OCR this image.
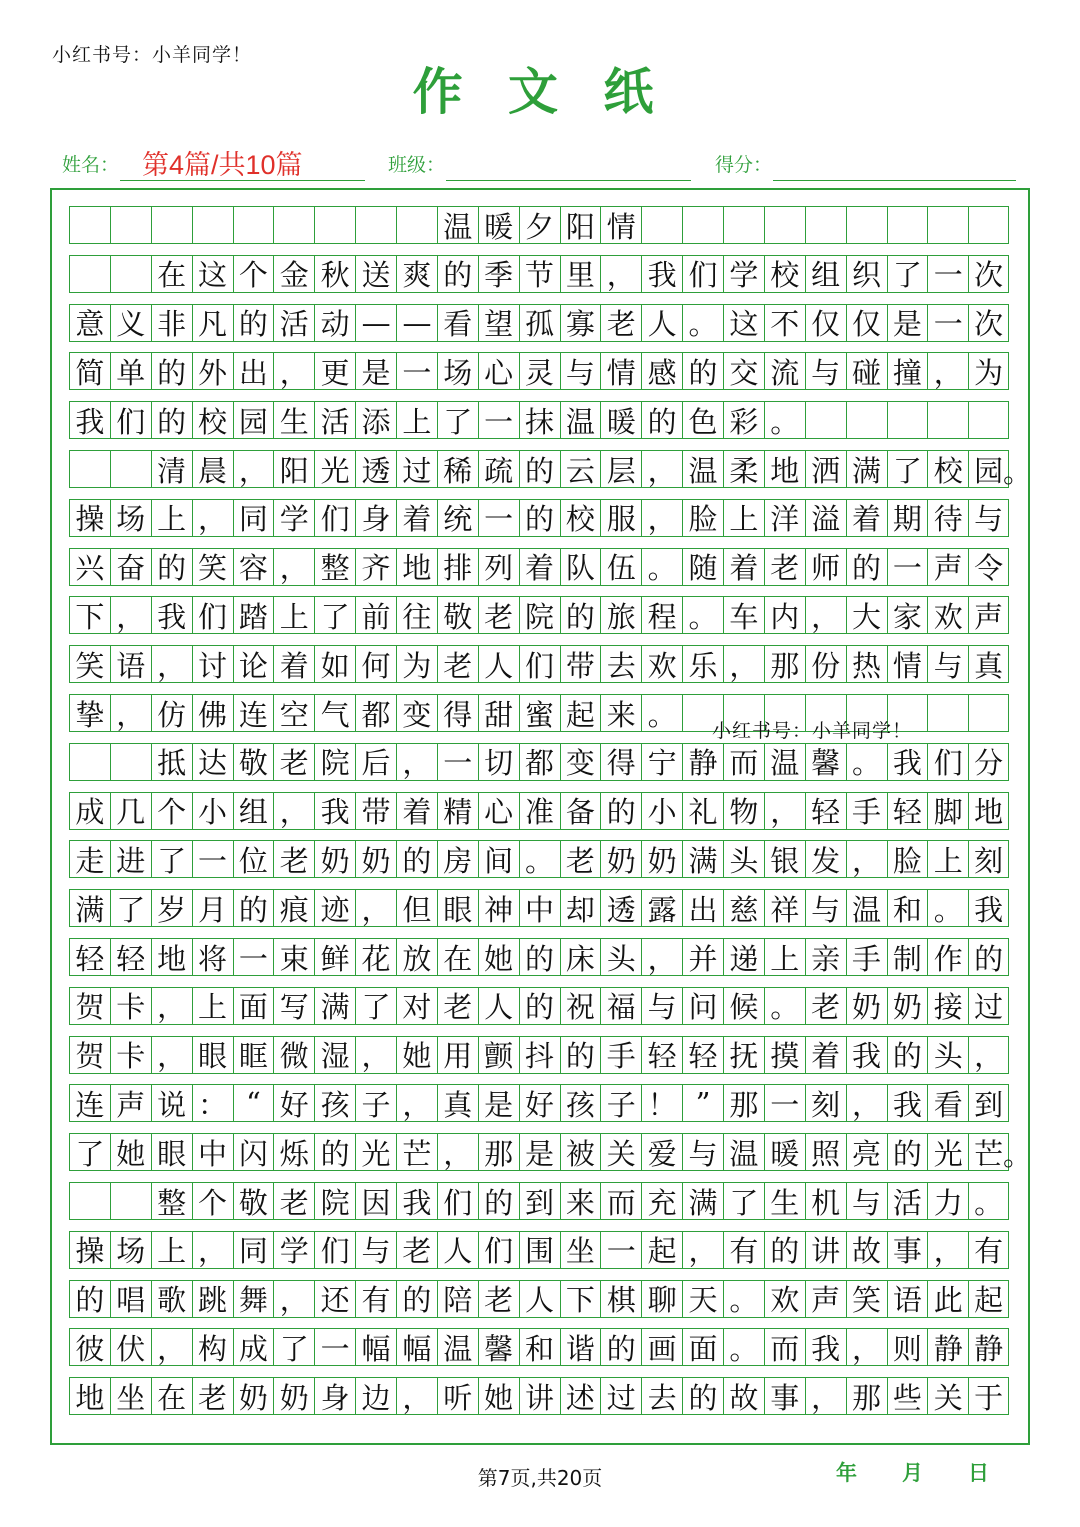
小红书号：小羊同学！
作 文 纸
姓名： 第4篇/共10篇	班级：	得分：
温 暖 夕 阳 情
在 这 个 金 秋 送 爽 的 季 节 里 ， 我 们 学 校 组 织 了 一 次
意 义 非 凡 的 活 动 — — 看 望 孤 寡 老 人 。 这 不 仅 仅 是 一 次
简 单 的 外 出 ， 更 是 一 场 心 灵 与 情 感 的 交 流 与 碰 撞 ， 为
我 们 的 校 园 生 活 添 上 了 一 抹 温 暖 的 色 彩 。
清 晨 ， 阳 光 透 过 稀 疏 的 云 层 ， 温 柔 地 洒 满 了 校 园
操 场 上 ， 同 学 们 身 着 统 一 的 校 服 ， 脸 上 洋 溢 着 期 待 与
兴 奋 的 笑 容 ， 整 齐 地 排 列 着 队 伍 。 随 着 老 师 的 一 声 令
下 ， 我 们 踏 上 了 前 往 敬 老 院 的 旅 程 。 车 内 ， 大 家 欢 声
笑 语 ， 讨 论 着 如 何 为 老 人 们 带 去 欢 乐 ， 那 份 热 情 与 真
挚 ， 仿 佛 连 空 气 都 变 得 甜 蜜 起 来 。
抵 达 敬 老 院 后 ， 一 切 都 变 得 宁 静 而 温 馨 。 我 们 分
成 几 个 小 组 ， 我 带 着 精 心 准 备 的 小 礼 物 ， 轻 手 轻 脚 地
走 进 了 一 位 老 奶 奶 的 房 间 。 老 奶 奶 满 头 银 发 ， 脸 上 刻
满 了 岁 月 的 痕 迹 ， 但 眼 神 中 却 透 露 出 慈 祥 与 温 和 。 我
轻 轻 地 将 一 束 鲜 花 放 在 她 的 床 头 ， 并 递 上 亲 手 制 作 的
贺 卡 ， 上 面 写 满 了 对 老 人 的 祝 福 与 问 候 。 老 奶 奶 接 过
贺 卡 ， 眼 眶 微 湿 ， 她 用 颤 抖 的 手 轻 轻 抚 摸 着 我 的 头 ，
连 声 说 ： “ 好 孩 子 ， 真 是 好 孩 子 ！ ” 那 一 刻 ， 我 看 到
了 她 眼 中 闪 烁 的 光 芒 ， 那 是 被 关 爱 与 温 暖 照 亮 的 光 芒
整 个 敬 老 院 因 我 们 的 到 来 而 充 满 了 生 机 与 活 力 。
操 场 上 ， 同 学 们 与 老 人 们 围 坐 一 起 ， 有 的 讲 故 事 ， 有
的 唱 歌 跳 舞 ， 还 有 的 陪 老 人 下 棋 聊 天 。 欢 声 笑 语 此 起
彼 伏 ， 构 成 了 一 幅 幅 温 馨 和 谐 的 画 面 。 而 我 ， 则 静 静
地 坐 在 老 奶 奶 身 边 ， 听 她 讲 述 过 去 的 故 事 ， 那 些 关 于
小红书号：小羊同学！
第7页,共20页	年 月 日
。
。
